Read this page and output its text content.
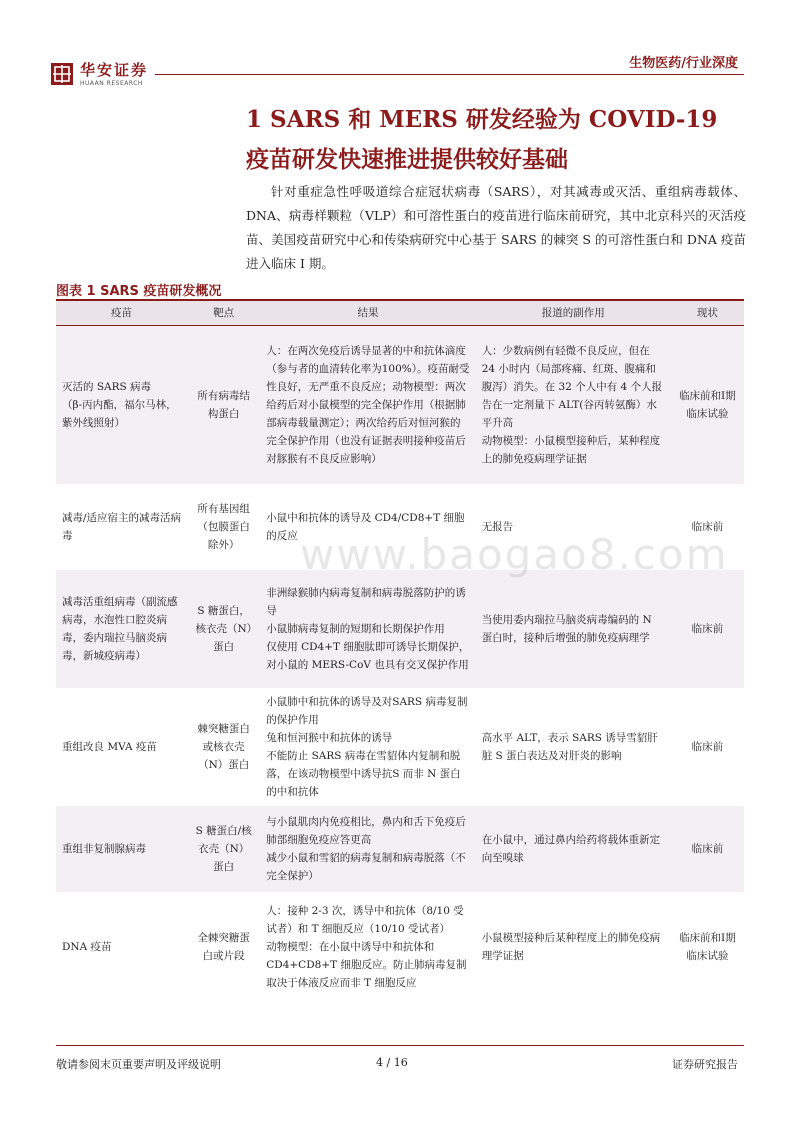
华安证券
HUAAN RESEARCH
生物医药/行业深度
1 SARS 和 MERS 研发经验为 COVID-19 疫苗研发快速推进提供较好基础
针对重症急性呼吸道综合症冠状病毒（SARS），对其减毒或灭活、重组病毒载体、DNA、病毒样颗粒（VLP）和可溶性蛋白的疫苗进行临床前研究，其中北京科兴的灭活疫苗、美国疫苗研究中心和传染病研究中心基于 SARS 的棘突 S 的可溶性蛋白和 DNA 疫苗进入临床 I 期。
图表 1 SARS 疫苗研发概况
疫苗	靶点	结果	报道的副作用	现状

灭活的 SARS 病毒
（β-丙内酯，福尔马林，紫外线照射）	所有病毒结构蛋白	人：在两次免疫后诱导显著的中和抗体滴度（参与者的血清转化率为100%）。疫苗耐受性良好，无严重不良反应；动物模型：两次给药后对小鼠模型的完全保护作用（根据肺部病毒载量测定）；两次给药后对恒河猴的完全保护作用（也没有证据表明接种疫苗后对豚猴有不良反应影响）	人：少数病例有轻微不良反应，但在 24 小时内（局部疼痛、红斑、腹痛和腹泻）消失。在 32 个人中有 4 个人报告在一定剂量下 ALT(谷丙转氨酶）水平升高
动物模型：小鼠模型接种后，某种程度上的肺免疫病理学证据	临床前和Ⅰ期临床试验

减毒/适应宿主的减毒活病毒	所有基因组（包膜蛋白除外）	小鼠中和抗体的诱导及 CD4/CD8+T 细胞的反应	无报告	临床前

减毒活重组病毒（副流感病毒，水泡性口腔炎病毒，委内瑞拉马脑炎病毒，新城疫病毒）	S 糖蛋白，核衣壳（N）蛋白	非洲绿猴肺内病毒复制和病毒脱落防护的诱导
小鼠肺病毒复制的短期和长期保护作用
仅使用 CD4+T 细胞肽即可诱导长期保护，对小鼠的 MERS-CoV 也具有交叉保护作用	当使用委内瑞拉马脑炎病毒编码的 N 蛋白时，接种后增强的肺免疫病理学	临床前

重组改良 MVA 疫苗	棘突糖蛋白或核衣壳（N）蛋白	小鼠肺中和抗体的诱导及对SARS 病毒复制的保护作用
兔和恒河猴中和抗体的诱导
不能防止 SARS 病毒在雪貂体内复制和脱落，在该动物模型中诱导抗S 而非 N 蛋白的中和抗体	高水平 ALT，表示 SARS 诱导雪貂肝脏 S 蛋白表达及对肝炎的影响	临床前

重组非复制腺病毒	S 糖蛋白/核衣壳（N）蛋白	与小鼠肌肉内免疫相比，鼻内和舌下免疫后肺部细胞免疫应答更高
减少小鼠和雪貂的病毒复制和病毒脱落（不完全保护）	在小鼠中，通过鼻内给药将载体重新定向至嗅球	临床前

DNA 疫苗	全棘突糖蛋白或片段	人：接种 2-3 次，诱导中和抗体（8/10 受试者）和 T 细胞反应（10/10 受试者）
动物模型：在小鼠中诱导中和抗体和 CD4+CD8+T 细胞反应。防止肺病毒复制取决于体液反应而非 T 细胞反应	小鼠模型接种后某种程度上的肺免疫病理学证据	临床前和Ⅰ期临床试验
www.baogao8.com
敬请参阅末页重要声明及评级说明	4 / 16	证券研究报告
